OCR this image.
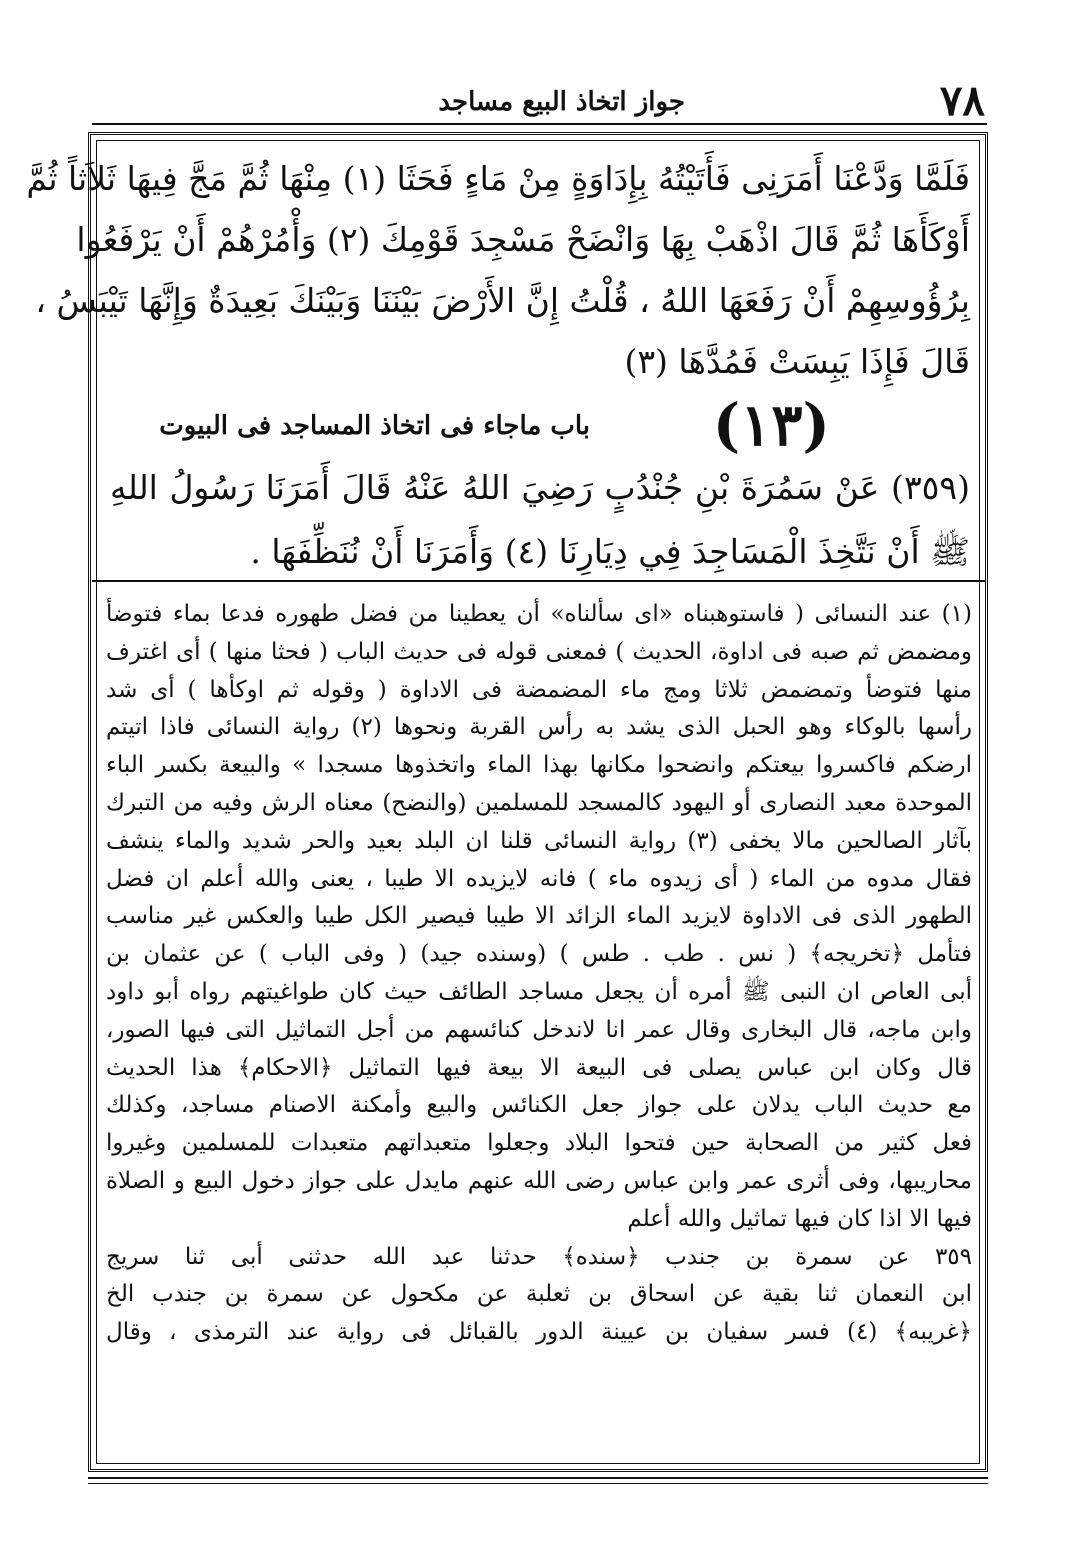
٧٨
جواز اتخاذ البيع مساجد
فَلَمَّا وَدَّعْنَا أَمَرَنِى فَأَتَيْتُهُ بِإِدَاوَةٍ مِنْ مَاءٍ فَحَثَا (١) مِنْهَا ثُمَّ مَجَّ فِيهَا ثَلاَثاً ثُمَّ
أَوْكَأَهَا ثُمَّ قَالَ اذْهَبْ بِهَا وَانْضَحْ مَسْجِدَ قَوْمِكَ (٢) وَأْمُرْهُمْ أَنْ يَرْفَعُوا
بِرُؤُوسِهِمْ أَنْ رَفَعَهَا اللهُ ، قُلْتُ إِنَّ الأَرْضَ بَيْنَنَا وَبَيْنَكَ بَعِيدَةٌ وَإِنَّهَا تَيْبَسُ ،
قَالَ فَإِذَا يَبِسَتْ فَمُدَّهَا (٣)
(١٣)
باب ماجاء فى اتخاذ المساجد فى البيوت
(٣٥٩) عَنْ سَمُرَةَ بْنِ جُنْدُبٍ رَضِيَ اللهُ عَنْهُ قَالَ أَمَرَنَا رَسُولُ اللهِ
ﷺ أَنْ نَتَّخِذَ الْمَسَاجِدَ فِي دِيَارِنَا (٤) وَأَمَرَنَا أَنْ نُنَظِّفَهَا .
(١) عند النسائى ( فاستوهبناه «اى سألناه» أن يعطينا من فضل طهوره فدعا بماء فتوضأ
ومضمض ثم صبه فى اداوة، الحديث ) فمعنى قوله فى حديث الباب ( فحثا منها ) أى اغترف
منها فتوضأ وتمضمض ثلاثا ومج ماء المضمضة فى الاداوة ( وقوله ثم اوكأها ) أى شد
رأسها بالوكاء وهو الحبل الذى يشد به رأس القربة ونحوها (٢) رواية النسائى فاذا اتيتم
ارضكم فاكسروا بيعتكم وانضحوا مكانها بهذا الماء واتخذوها مسجدا » والبيعة بكسر الباء
الموحدة معبد النصارى أو اليهود كالمسجد للمسلمين (والنضح) معناه الرش وفيه من التبرك
بآثار الصالحين مالا يخفى (٣) رواية النسائى قلنا ان البلد بعيد والحر شديد والماء ينشف
فقال مدوه من الماء ( أى زيدوه ماء ) فانه لايزيده الا طيبا ، يعنى والله أعلم ان فضل
الطهور الذى فى الاداوة لايزيد الماء الزائد الا طيبا فيصير الكل طيبا والعكس غير مناسب
فتأمل ﴿تخريجه﴾ ( نس . طب . طس ) (وسنده جيد) ( وفى الباب ) عن عثمان بن
أبى العاص ان النبى ﷺ أمره أن يجعل مساجد الطائف حيث كان طواغيتهم رواه أبو داود
وابن ماجه، قال البخارى وقال عمر انا لاندخل كنائسهم من أجل التماثيل التى فيها الصور،
قال وكان ابن عباس يصلى فى البيعة الا بيعة فيها التماثيل ﴿الاحكام﴾ هذا الحديث
مع حديث الباب يدلان على جواز جعل الكنائس والبيع وأمكنة الاصنام مساجد، وكذلك
فعل كثير من الصحابة حين فتحوا البلاد وجعلوا متعبداتهم متعبدات للمسلمين وغيروا
محاريبها، وفى أثرى عمر وابن عباس رضى الله عنهم مايدل على جواز دخول البيع و الصلاة
فيها الا اذا كان فيها تماثيل والله أعلم
٣٥٩ عن سمرة بن جندب ﴿سنده﴾ حدثنا عبد الله حدثنى أبى ثنا سريج
ابن النعمان ثنا بقية عن اسحاق بن ثعلبة عن مكحول عن سمرة بن جندب الخ
﴿غريبه﴾ (٤) فسر سفيان بن عيينة الدور بالقبائل فى رواية عند الترمذى ، وقال
